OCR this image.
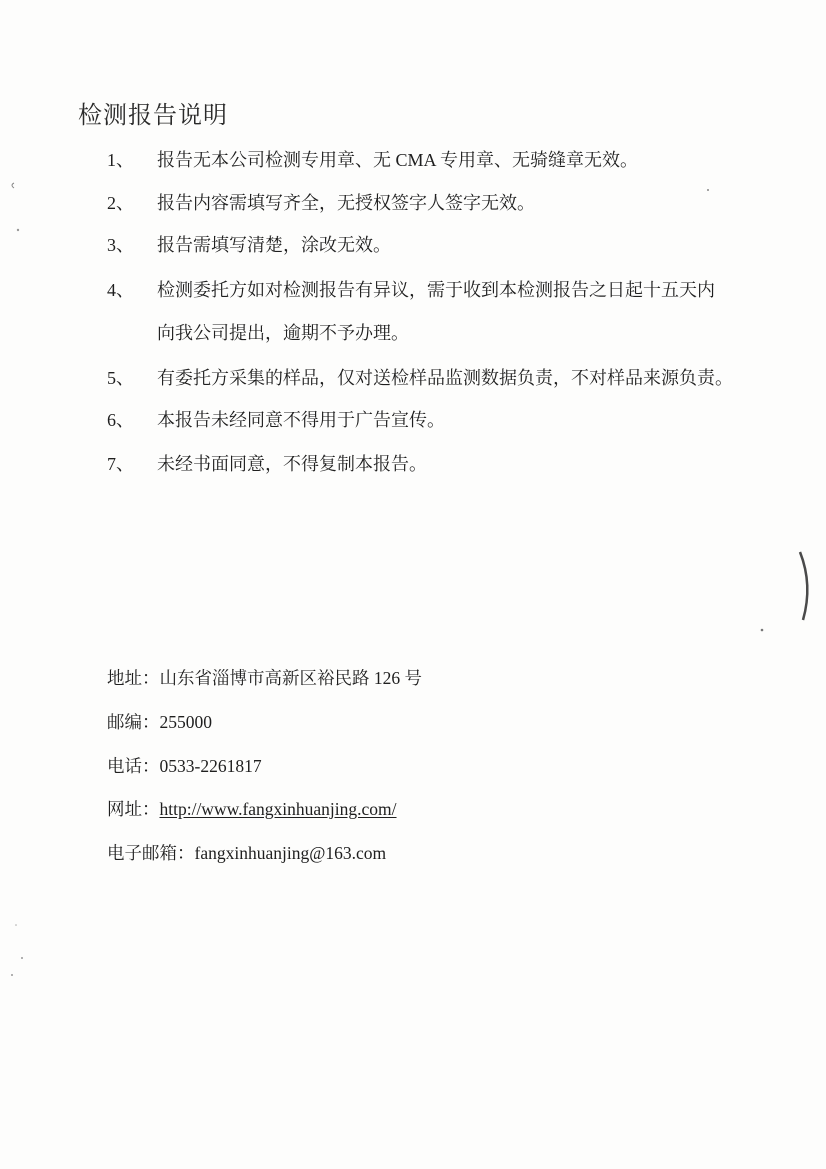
检测报告说明
1、 报告无本公司检测专用章、无 CMA 专用章、无骑缝章无效。
2、 报告内容需填写齐全，无授权签字人签字无效。
3、 报告需填写清楚，涂改无效。
4、 检测委托方如对检测报告有异议，需于收到本检测报告之日起十五天内
向我公司提出，逾期不予办理。
5、 有委托方采集的样品，仅对送检样品监测数据负责，不对样品来源负责。
6、 本报告未经同意不得用于广告宣传。
7、 未经书面同意，不得复制本报告。
地址：山东省淄博市高新区裕民路 126 号
邮编：255000
电话：0533-2261817
网址：http://www.fangxinhuanjing.com/
电子邮箱：fangxinhuanjing@163.com
